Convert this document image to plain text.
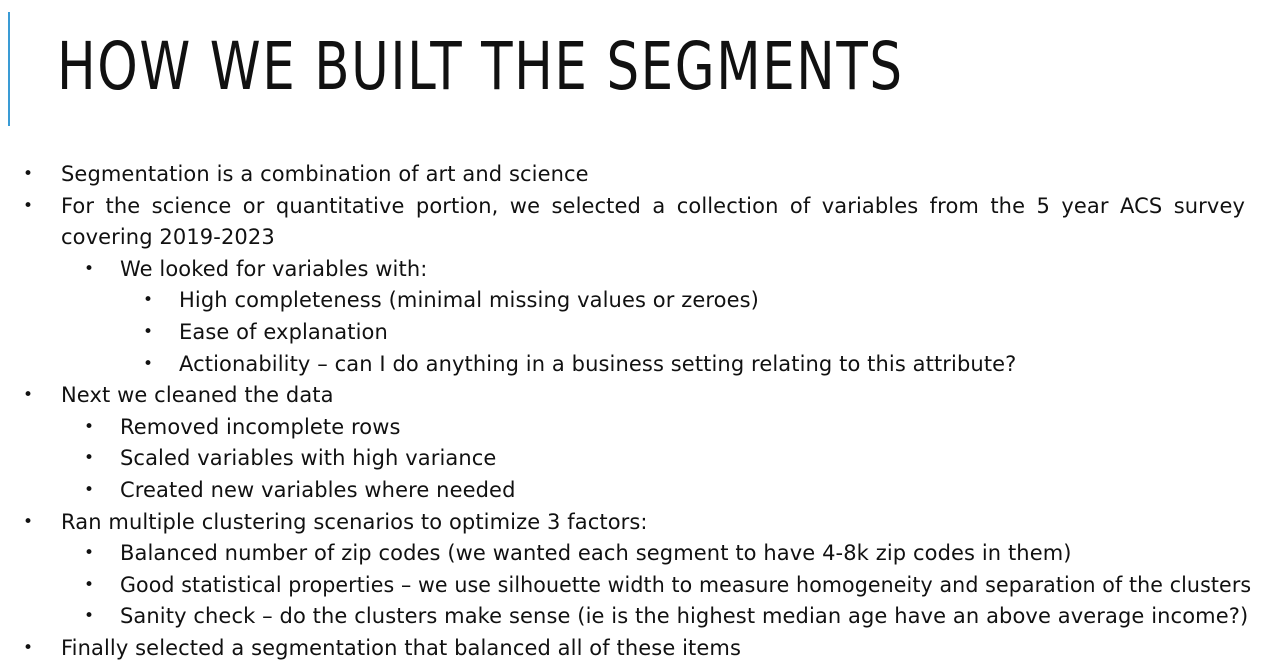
HOW WE BUILT THE SEGMENTS
• Segmentation is a combination of art and science
• For the science or quantitative portion, we selected a collection of variables from the 5 year ACS survey covering 2019-2023
• We looked for variables with:
• High completeness (minimal missing values or zeroes)
• Ease of explanation
• Actionability – can I do anything in a business setting relating to this attribute?
• Next we cleaned the data
• Removed incomplete rows
• Scaled variables with high variance
• Created new variables where needed
• Ran multiple clustering scenarios to optimize 3 factors:
• Balanced number of zip codes (we wanted each segment to have 4-8k zip codes in them)
• Good statistical properties – we use silhouette width to measure homogeneity and separation of the clusters
• Sanity check – do the clusters make sense (ie is the highest median age have an above average income?)
• Finally selected a segmentation that balanced all of these items
